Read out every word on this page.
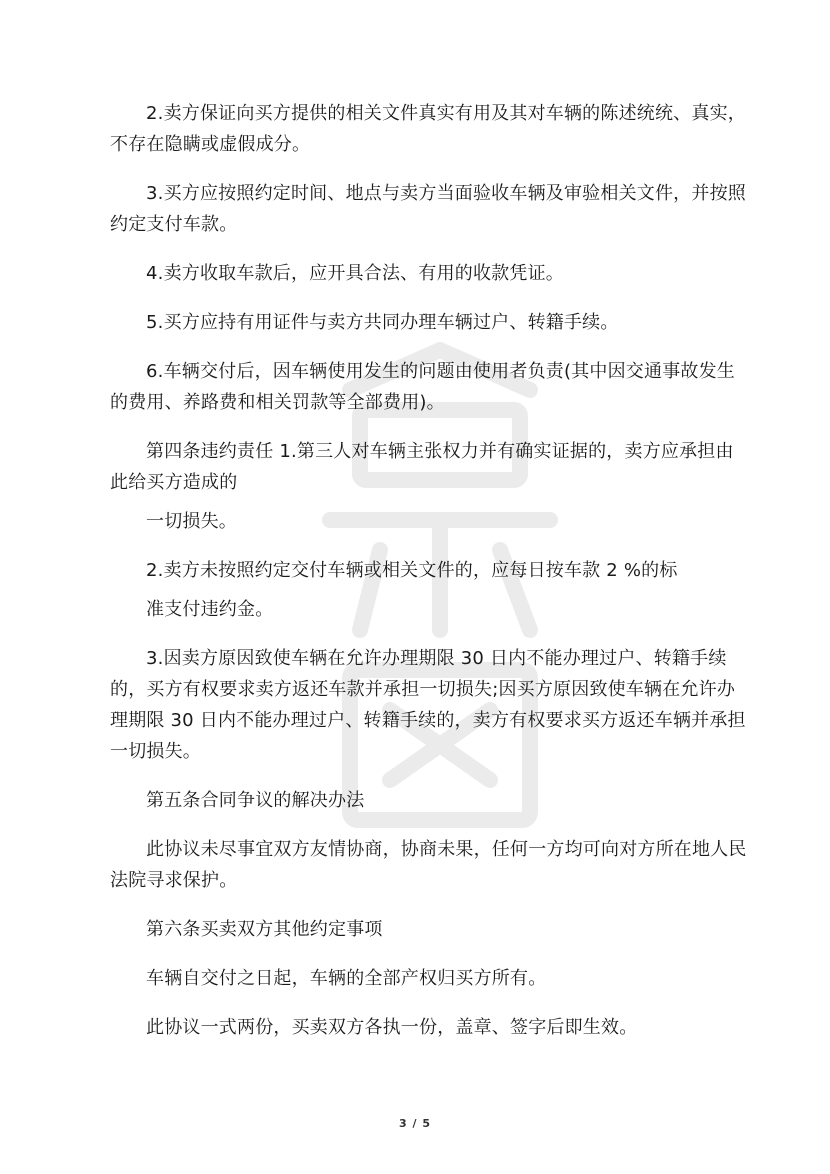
2.卖方保证向买方提供的相关文件真实有用及其对车辆的陈述统统、真实，不存在隐瞒或虚假成分。

3.买方应按照约定时间、地点与卖方当面验收车辆及审验相关文件，并按照约定支付车款。

4.卖方收取车款后，应开具合法、有用的收款凭证。

5.买方应持有用证件与卖方共同办理车辆过户、转籍手续。

6.车辆交付后，因车辆使用发生的问题由使用者负责(其中因交通事故发生的费用、养路费和相关罚款等全部费用)。

第四条违约责任 1.第三人对车辆主张权力并有确实证据的，卖方应承担由此给买方造成的

一切损失。

2.卖方未按照约定交付车辆或相关文件的，应每日按车款 2 %的标

准支付违约金。

3.因卖方原因致使车辆在允许办理期限 30 日内不能办理过户、转籍手续的，买方有权要求卖方返还车款并承担一切损失;因买方原因致使车辆在允许办理期限 30 日内不能办理过户、转籍手续的，卖方有权要求买方返还车辆并承担一切损失。

第五条合同争议的解决办法

此协议未尽事宜双方友情协商，协商未果，任何一方均可向对方所在地人民法院寻求保护。

第六条买卖双方其他约定事项

车辆自交付之日起，车辆的全部产权归买方所有。

此协议一式两份，买卖双方各执一份，盖章、签字后即生效。

3 / 5
